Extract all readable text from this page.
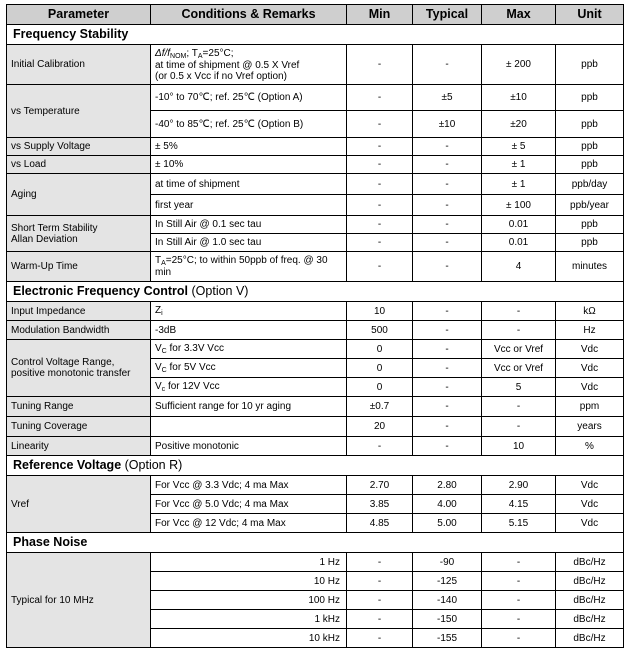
Parameter	Conditions & Remarks	Min	Typical	Max	Unit
Frequency Stability					
Initial Calibration	$\Delta f/f_{NOM}$; $T_A=25^\circ C$;
at time of shipment @ 0.5 X Vref
(or 0.5 x Vcc if no Vref option)	-	-	± 200	ppb
vs Temperature	-10° to 70℃; ref. 25℃ (Option A)	-	±5	±10	ppb
	-40° to 85℃; ref. 25℃ (Option B)	-	±10	±20	ppb
vs Supply Voltage	± 5%	-	-	± 5	ppb
vs Load	± 10%	-	-	± 1	ppb
Aging	at time of shipment	-	-	± 1	ppb/day
	first year	-	-	± 100	ppb/year
Short Term Stability
Allan Deviation	In Still Air @ 0.1 sec tau	-	-	0.01	ppb
	In Still Air @ 1.0 sec tau	-	-	0.01	ppb
Warm-Up Time	$T_A=25^\circ C$; to within 50ppb of freq. @ 30
min	-	-	4	minutes
Electronic Frequency Control (Option V)					
Input Impedance	$Z_i$	10	-	-	kΩ
Modulation Bandwidth	-3dB	500	-	-	Hz
Control Voltage Range,
positive monotonic transfer	$V_C$ for 3.3V Vcc	0	-	Vcc or Vref	Vdc
	$V_C$ for 5V Vcc	0	-	Vcc or Vref	Vdc
	$V_c$ for 12V Vcc	0	-	5	Vdc
Tuning Range	Sufficient range for 10 yr aging	±0.7	-	-	ppm
Tuning Coverage		20	-	-	years
Linearity	Positive monotonic	-	-	10	%
Reference Voltage (Option R)					
Vref	For Vcc @ 3.3 Vdc; 4 ma Max	2.70	2.80	2.90	Vdc
	For Vcc @ 5.0 Vdc; 4 ma Max	3.85	4.00	4.15	Vdc
	For Vcc @ 12 Vdc; 4 ma Max	4.85	5.00	5.15	Vdc
Phase Noise					
Typical for 10 MHz	1 Hz	-	-90	-	dBc/Hz
	10 Hz	-	-125	-	dBc/Hz
	100 Hz	-	-140	-	dBc/Hz
	1 kHz	-	-150	-	dBc/Hz
	10 kHz	-	-155	-	dBc/Hz
